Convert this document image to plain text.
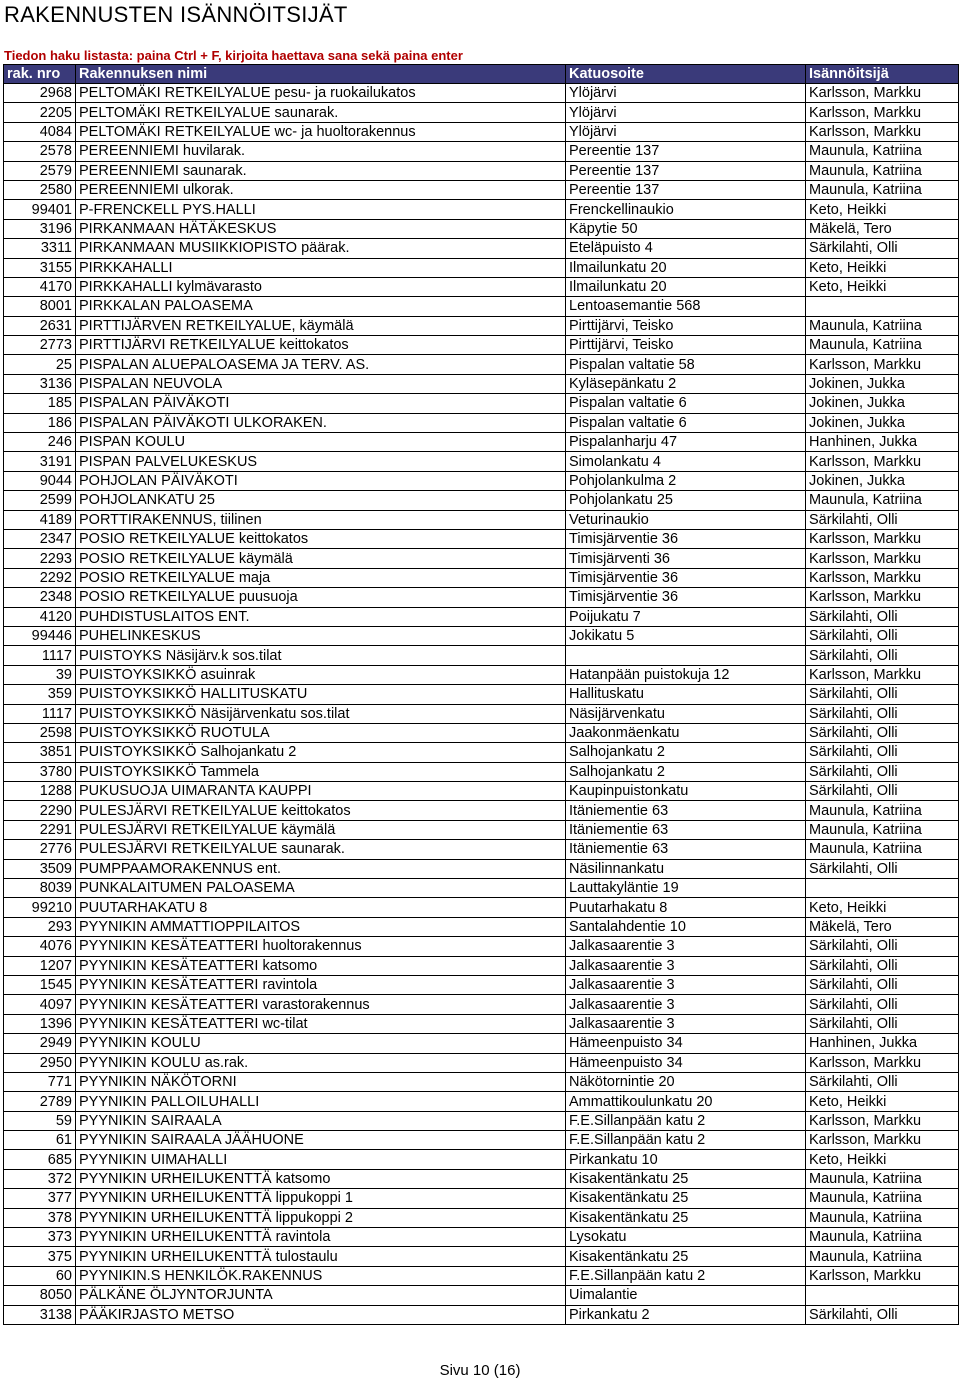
RAKENNUSTEN ISÄNNÖITSIJÄT
Tiedon haku listasta: paina Ctrl + F, kirjoita haettava sana sekä paina enter
rak. nro	Rakennuksen nimi	Katuosoite	Isännöitsijä
2968	PELTOMÄKI RETKEILYALUE pesu- ja ruokailukatos	Ylöjärvi	Karlsson, Markku
2205	PELTOMÄKI RETKEILYALUE saunarak.	Ylöjärvi	Karlsson, Markku
4084	PELTOMÄKI RETKEILYALUE wc- ja huoltorakennus	Ylöjärvi	Karlsson, Markku
2578	PEREENNIEMI huvilarak.	Pereentie 137	Maunula, Katriina
2579	PEREENNIEMI saunarak.	Pereentie 137	Maunula, Katriina
2580	PEREENNIEMI ulkorak.	Pereentie 137	Maunula, Katriina
99401	P-FRENCKELL PYS.HALLI	Frenckellinaukio	Keto, Heikki
3196	PIRKANMAAN HÄTÄKESKUS	Käpytie 50	Mäkelä, Tero
3311	PIRKANMAAN MUSIIKKIOPISTO päärak.	Eteläpuisto 4	Särkilahti, Olli
3155	PIRKKAHALLI	Ilmailunkatu 20	Keto, Heikki
4170	PIRKKAHALLI kylmävarasto	Ilmailunkatu 20	Keto, Heikki
8001	PIRKKALAN PALOASEMA	Lentoasemantie 568	
2631	PIRTTIJÄRVEN RETKEILYALUE, käymälä	Pirttijärvi, Teisko	Maunula, Katriina
2773	PIRTTIJÄRVI RETKEILYALUE keittokatos	Pirttijärvi, Teisko	Maunula, Katriina
25	PISPALAN ALUEPALOASEMA JA TERV. AS.	Pispalan valtatie 58	Karlsson, Markku
3136	PISPALAN NEUVOLA	Kyläsepänkatu 2	Jokinen, Jukka
185	PISPALAN PÄIVÄKOTI	Pispalan valtatie 6	Jokinen, Jukka
186	PISPALAN PÄIVÄKOTI ULKORAKEN.	Pispalan valtatie 6	Jokinen, Jukka
246	PISPAN KOULU	Pispalanharju 47	Hanhinen, Jukka
3191	PISPAN PALVELUKESKUS	Simolankatu 4	Karlsson, Markku
9044	POHJOLAN PÄIVÄKOTI	Pohjolankulma 2	Jokinen, Jukka
2599	POHJOLANKATU 25	Pohjolankatu 25	Maunula, Katriina
4189	PORTTIRAKENNUS, tiilinen	Veturinaukio	Särkilahti, Olli
2347	POSIO RETKEILYALUE keittokatos	Timisjärventie 36	Karlsson, Markku
2293	POSIO RETKEILYALUE käymälä	Timisjärventi 36	Karlsson, Markku
2292	POSIO RETKEILYALUE maja	Timisjärventie 36	Karlsson, Markku
2348	POSIO RETKEILYALUE puusuoja	Timisjärventie 36	Karlsson, Markku
4120	PUHDISTUSLAITOS ENT.	Poijukatu 7	Särkilahti, Olli
99446	PUHELINKESKUS	Jokikatu 5	Särkilahti, Olli
1117	PUISTOYKS Näsijärv.k sos.tilat		Särkilahti, Olli
39	PUISTOYKSIKKÖ asuinrak	Hatanpään puistokuja 12	Karlsson, Markku
359	PUISTOYKSIKKÖ HALLITUSKATU	Hallituskatu	Särkilahti, Olli
1117	PUISTOYKSIKKÖ Näsijärvenkatu sos.tilat	Näsijärvenkatu	Särkilahti, Olli
2598	PUISTOYKSIKKÖ RUOTULA	Jaakonmäenkatu	Särkilahti, Olli
3851	PUISTOYKSIKKÖ Salhojankatu 2	Salhojankatu 2	Särkilahti, Olli
3780	PUISTOYKSIKKÖ Tammela	Salhojankatu 2	Särkilahti, Olli
1288	PUKUSUOJA UIMARANTA KAUPPI	Kaupinpuistonkatu	Särkilahti, Olli
2290	PULESJÄRVI RETKEILYALUE keittokatos	Itäniementie 63	Maunula, Katriina
2291	PULESJÄRVI RETKEILYALUE käymälä	Itäniementie 63	Maunula, Katriina
2776	PULESJÄRVI RETKEILYALUE saunarak.	Itäniementie 63	Maunula, Katriina
3509	PUMPPAAMORAKENNUS ent.	Näsilinnankatu	Särkilahti, Olli
8039	PUNKALAITUMEN PALOASEMA	Lauttakyläntie 19	
99210	PUUTARHAKATU 8	Puutarhakatu 8	Keto, Heikki
293	PYYNIKIN AMMATTIOPPILAITOS	Santalahdentie 10	Mäkelä, Tero
4076	PYYNIKIN KESÄTEATTERI huoltorakennus	Jalkasaarentie 3	Särkilahti, Olli
1207	PYYNIKIN KESÄTEATTERI katsomo	Jalkasaarentie 3	Särkilahti, Olli
1545	PYYNIKIN KESÄTEATTERI ravintola	Jalkasaarentie 3	Särkilahti, Olli
4097	PYYNIKIN KESÄTEATTERI varastorakennus	Jalkasaarentie 3	Särkilahti, Olli
1396	PYYNIKIN KESÄTEATTERI wc-tilat	Jalkasaarentie 3	Särkilahti, Olli
2949	PYYNIKIN KOULU	Hämeenpuisto 34	Hanhinen, Jukka
2950	PYYNIKIN KOULU as.rak.	Hämeenpuisto 34	Karlsson, Markku
771	PYYNIKIN NÄKÖTORNI	Näkötornintie 20	Särkilahti, Olli
2789	PYYNIKIN PALLOILUHALLI	Ammattikoulunkatu 20	Keto, Heikki
59	PYYNIKIN SAIRAALA	F.E.Sillanpään katu 2	Karlsson, Markku
61	PYYNIKIN SAIRAALA JÄÄHUONE	F.E.Sillanpään katu 2	Karlsson, Markku
685	PYYNIKIN UIMAHALLI	Pirkankatu 10	Keto, Heikki
372	PYYNIKIN URHEILUKENTTÄ katsomo	Kisakentänkatu 25	Maunula, Katriina
377	PYYNIKIN URHEILUKENTTÄ lippukoppi 1	Kisakentänkatu 25	Maunula, Katriina
378	PYYNIKIN URHEILUKENTTÄ lippukoppi 2	Kisakentänkatu 25	Maunula, Katriina
373	PYYNIKIN URHEILUKENTTÄ ravintola	Lysokatu	Maunula, Katriina
375	PYYNIKIN URHEILUKENTTÄ tulostaulu	Kisakentänkatu 25	Maunula, Katriina
60	PYYNIKIN.S HENKILÖK.RAKENNUS	F.E.Sillanpään katu 2	Karlsson, Markku
8050	PÄLKÄNE ÖLJYNTORJUNTA	Uimalantie	
3138	PÄÄKIRJASTO METSO	Pirkankatu 2	Särkilahti, Olli
Sivu 10 (16)
